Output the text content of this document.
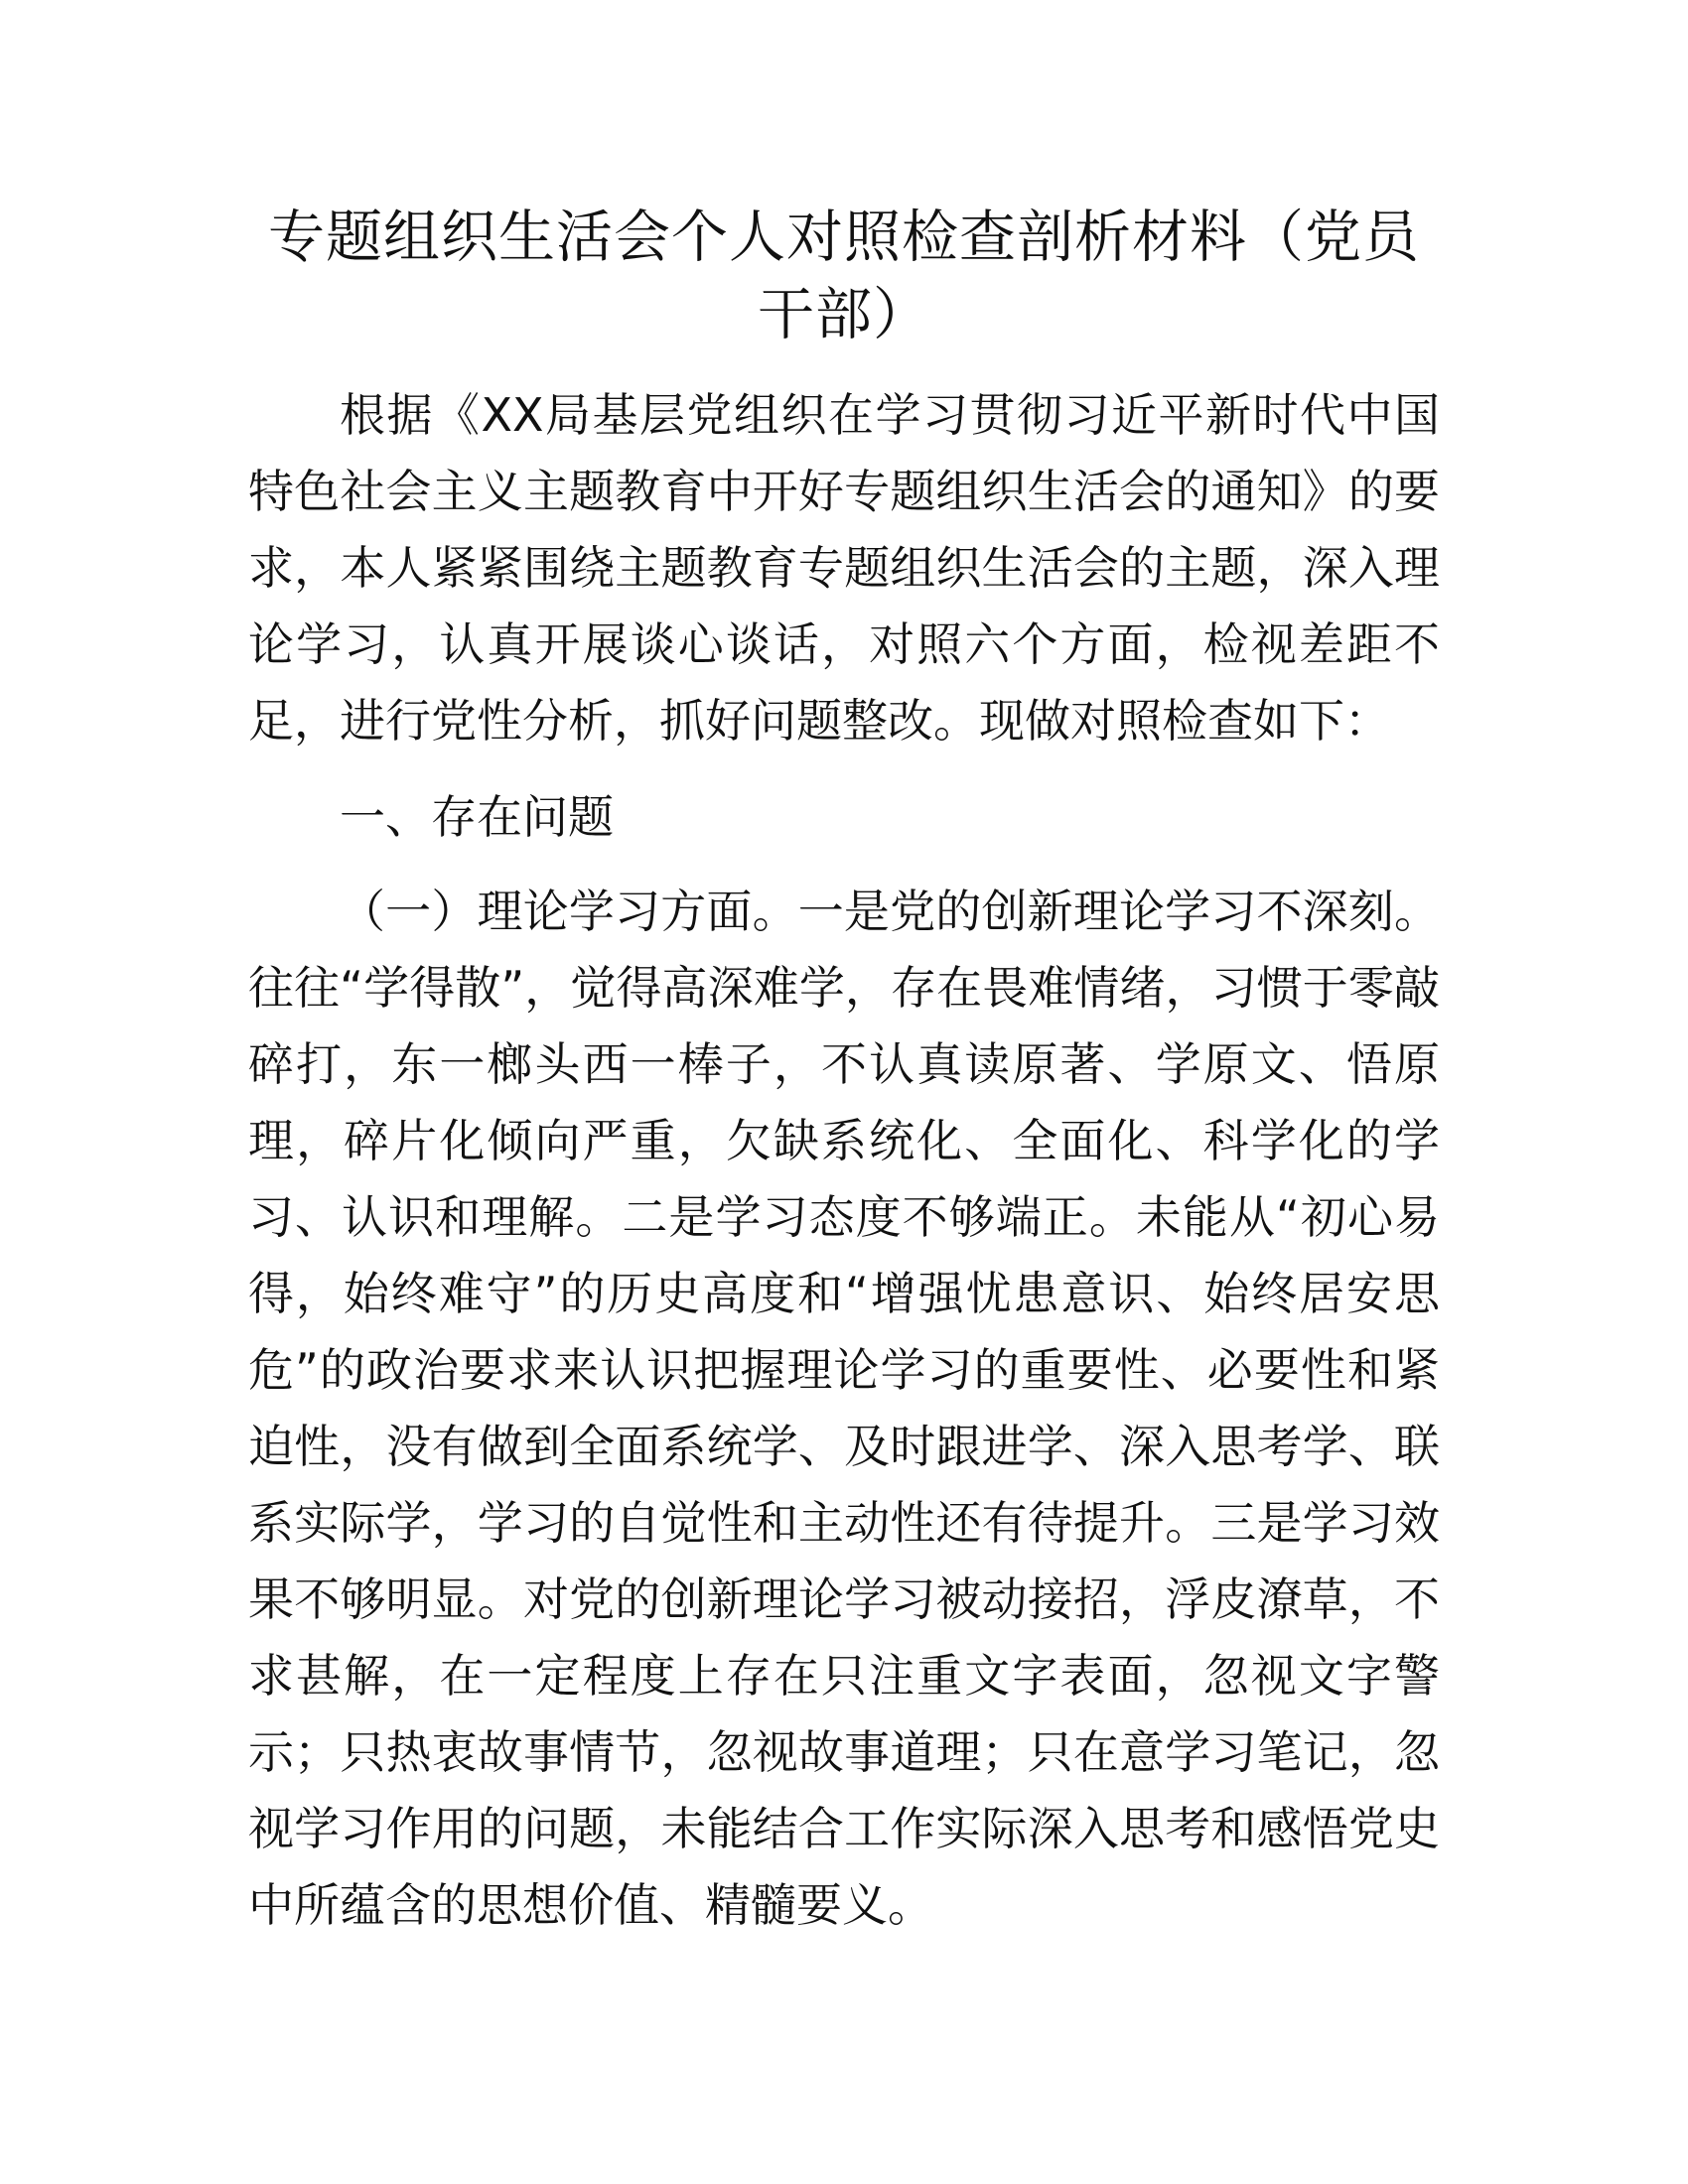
专题组织生活会个人对照检查剖析材料（党员干部）

根据《XX局基层党组织在学习贯彻习近平新时代中国特色社会主义主题教育中开好专题组织生活会的通知》的要求，本人紧紧围绕主题教育专题组织生活会的主题，深入理论学习，认真开展谈心谈话，对照六个方面，检视差距不足，进行党性分析，抓好问题整改。现做对照检查如下：

一、存在问题

（一）理论学习方面。一是党的创新理论学习不深刻。往往“学得散”，觉得高深难学，存在畏难情绪，习惯于零敲碎打，东一榔头西一棒子，不认真读原著、学原文、悟原理，碎片化倾向严重，欠缺系统化、全面化、科学化的学习、认识和理解。二是学习态度不够端正。未能从“初心易得，始终难守”的历史高度和“增强忧患意识、始终居安思危”的政治要求来认识把握理论学习的重要性、必要性和紧迫性，没有做到全面系统学、及时跟进学、深入思考学、联系实际学，学习的自觉性和主动性还有待提升。三是学习效果不够明显。对党的创新理论学习被动接招，浮皮潦草，不求甚解，在一定程度上存在只注重文字表面，忽视文字警示；只热衷故事情节，忽视故事道理；只在意学习笔记，忽视学习作用的问题，未能结合工作实际深入思考和感悟党史中所蕴含的思想价值、精髓要义。
